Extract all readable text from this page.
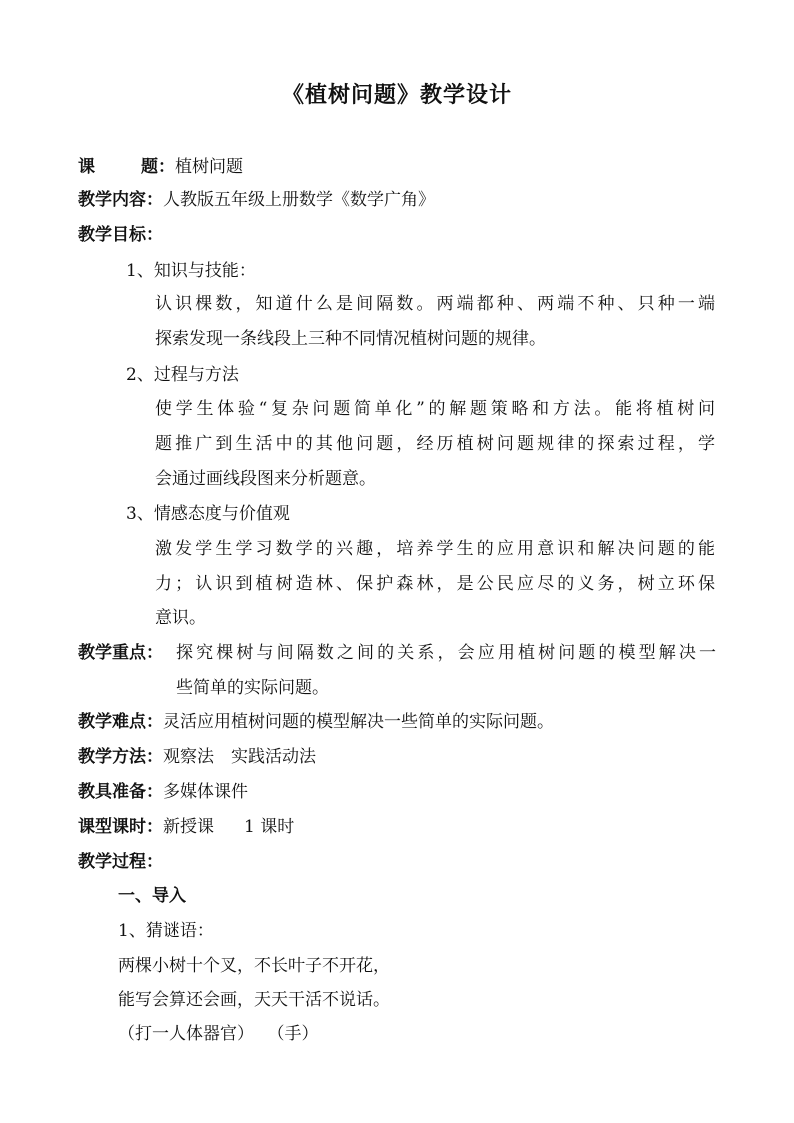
《植树问题》教学设计
课	题：植树问题
教学内容：人教版五年级上册数学《数学广角》
教学目标：
1、知识与技能：
认识棵数，知道什么是间隔数。两端都种、两端不种、只种一端
探索发现一条线段上三种不同情况植树问题的规律。
2、过程与方法
使学生体验“复杂问题简单化”的解题策略和方法。能将植树问
题推广到生活中的其他问题，经历植树问题规律的探索过程，学
会通过画线段图来分析题意。
3、情感态度与价值观
激发学生学习数学的兴趣，培养学生的应用意识和解决问题的能
力；认识到植树造林、保护森林，是公民应尽的义务，树立环保
意识。
教学重点： 探究棵树与间隔数之间的关系，会应用植树问题的模型解决一
些简单的实际问题。
教学难点：灵活应用植树问题的模型解决一些简单的实际问题。
教学方法：观察法　实践活动法
教具准备：多媒体课件
课型课时：新授课 1 课时
教学过程：
一、导入
1、猜谜语：
两棵小树十个叉，不长叶子不开花，
能写会算还会画，天天干活不说话。
（打一人体器官） （手）
